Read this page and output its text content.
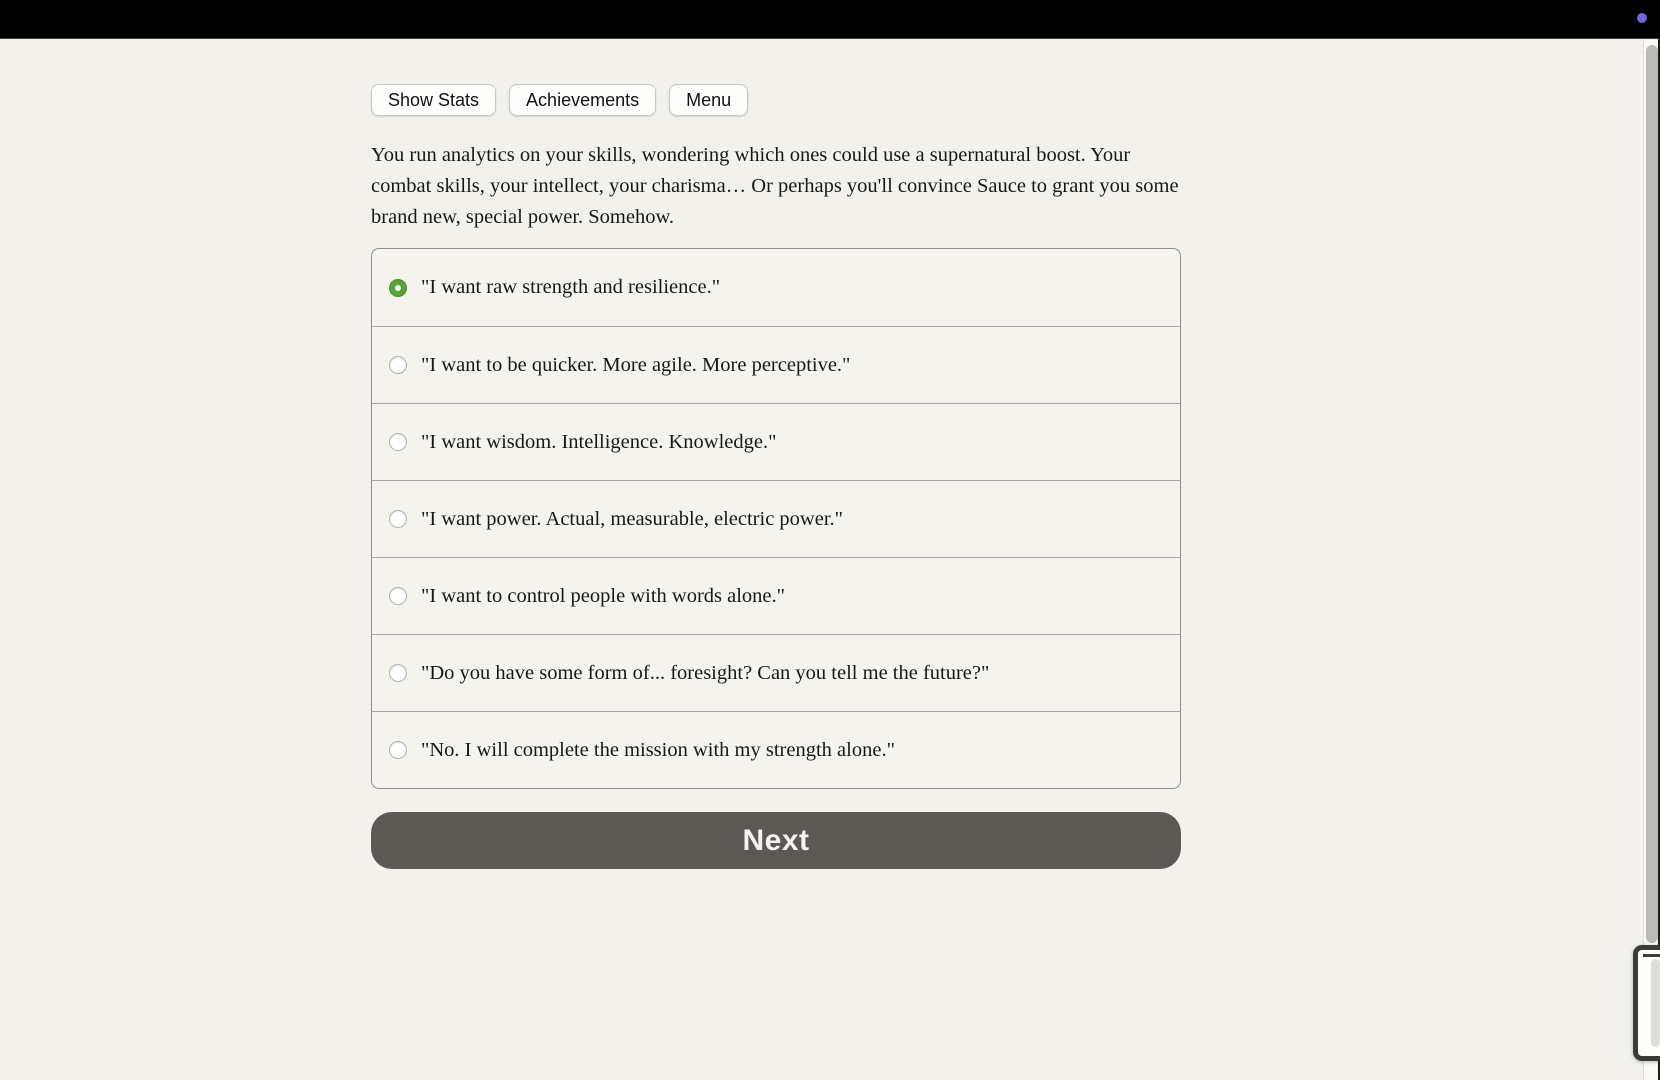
Show Stats	Achievements	Menu

You run analytics on your skills, wondering which ones could use a supernatural boost. Your combat skills, your intellect, your charisma… Or perhaps you'll convince Sauce to grant you some brand new, special power. Somehow.

"I want raw strength and resilience."
"I want to be quicker. More agile. More perceptive."
"I want wisdom. Intelligence. Knowledge."
"I want power. Actual, measurable, electric power."
"I want to control people with words alone."
"Do you have some form of... foresight? Can you tell me the future?"
"No. I will complete the mission with my strength alone."
Next
